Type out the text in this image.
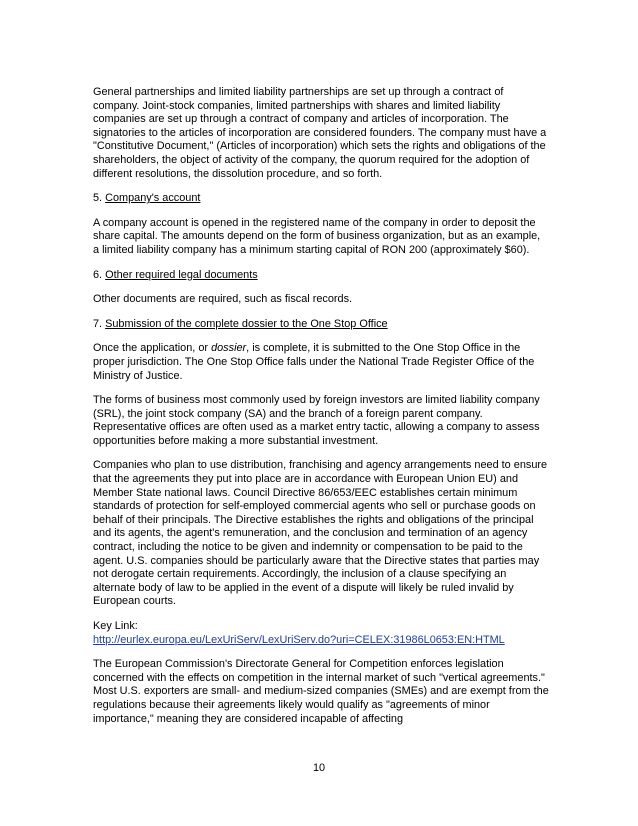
General partnerships and limited liability partnerships are set up through a contract of company. Joint-stock companies, limited partnerships with shares and limited liability companies are set up through a contract of company and articles of incorporation. The signatories to the articles of incorporation are considered founders. The company must have a "Constitutive Document," (Articles of incorporation) which sets the rights and obligations of the shareholders, the object of activity of the company, the quorum required for the adoption of different resolutions, the dissolution procedure, and so forth.

5. Company's account

A company account is opened in the registered name of the company in order to deposit the share capital. The amounts depend on the form of business organization, but as an example, a limited liability company has a minimum starting capital of RON 200 (approximately $60).

6. Other required legal documents

Other documents are required, such as fiscal records.

7. Submission of the complete dossier to the One Stop Office

Once the application, or dossier, is complete, it is submitted to the One Stop Office in the proper jurisdiction. The One Stop Office falls under the National Trade Register Office of the Ministry of Justice.

The forms of business most commonly used by foreign investors are limited liability company (SRL), the joint stock company (SA) and the branch of a foreign parent company. Representative offices are often used as a market entry tactic, allowing a company to assess opportunities before making a more substantial investment.

Companies who plan to use distribution, franchising and agency arrangements need to ensure that the agreements they put into place are in accordance with European Union EU) and Member State national laws. Council Directive 86/653/EEC establishes certain minimum standards of protection for self-employed commercial agents who sell or purchase goods on behalf of their principals. The Directive establishes the rights and obligations of the principal and its agents, the agent's remuneration, and the conclusion and termination of an agency contract, including the notice to be given and indemnity or compensation to be paid to the agent. U.S. companies should be particularly aware that the Directive states that parties may not derogate certain requirements. Accordingly, the inclusion of a clause specifying an alternate body of law to be applied in the event of a dispute will likely be ruled invalid by European courts.

Key Link:
http://eurlex.europa.eu/LexUriServ/LexUriServ.do?uri=CELEX:31986L0653:EN:HTML

The European Commission's Directorate General for Competition enforces legislation concerned with the effects on competition in the internal market of such "vertical agreements." Most U.S. exporters are small- and medium-sized companies (SMEs) and are exempt from the regulations because their agreements likely would qualify as "agreements of minor importance," meaning they are considered incapable of affecting

10
